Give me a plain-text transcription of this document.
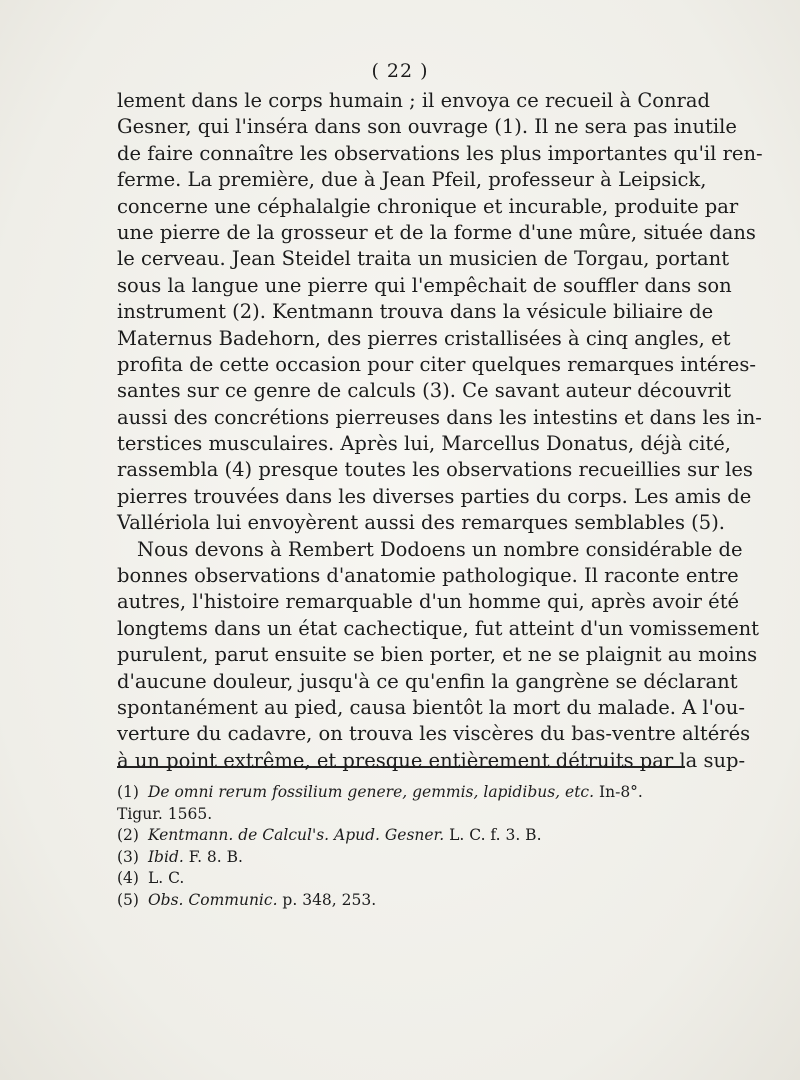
( 22 )
lement dans le corps humain ; il envoya ce recueil à Conrad
Gesner, qui l'inséra dans son ouvrage (1). Il ne sera pas inutile
de faire connaître les observations les plus importantes qu'il ren-
ferme. La première, due à Jean Pfeil, professeur à Leipsick,
concerne une céphalalgie chronique et incurable, produite par
une pierre de la grosseur et de la forme d'une mûre, située dans
le cerveau. Jean Steidel traita un musicien de Torgau, portant
sous la langue une pierre qui l'empêchait de souffler dans son
instrument (2). Kentmann trouva dans la vésicule biliaire de
Maternus Badehorn, des pierres cristallisées à cinq angles, et
profita de cette occasion pour citer quelques remarques intéres-
santes sur ce genre de calculs (3). Ce savant auteur découvrit
aussi des concrétions pierreuses dans les intestins et dans les in-
terstices musculaires. Après lui, Marcellus Donatus, déjà cité,
rassembla (4) presque toutes les observations recueillies sur les
pierres trouvées dans les diverses parties du corps. Les amis de
Vallériola lui envoyèrent aussi des remarques semblables (5).
Nous devons à Rembert Dodoens un nombre considérable de
bonnes observations d'anatomie pathologique. Il raconte entre
autres, l'histoire remarquable d'un homme qui, après avoir été
longtems dans un état cachectique, fut atteint d'un vomissement
purulent, parut ensuite se bien porter, et ne se plaignit au moins
d'aucune douleur, jusqu'à ce qu'enfin la gangrène se déclarant
spontanément au pied, causa bientôt la mort du malade. A l'ou-
verture du cadavre, on trouva les viscères du bas-ventre altérés
à un point extrême, et presque entièrement détruits par la sup-
(1) De omni rerum fossilium genere, gemmis, lapidibus, etc. In-8°.
Tigur. 1565.
(2) Kentmann. de Calcul's. Apud. Gesner. L. C. f. 3. B.
(3) Ibid. F. 8. B.
(4) L. C.
(5) Obs. Communic. p. 348, 253.
